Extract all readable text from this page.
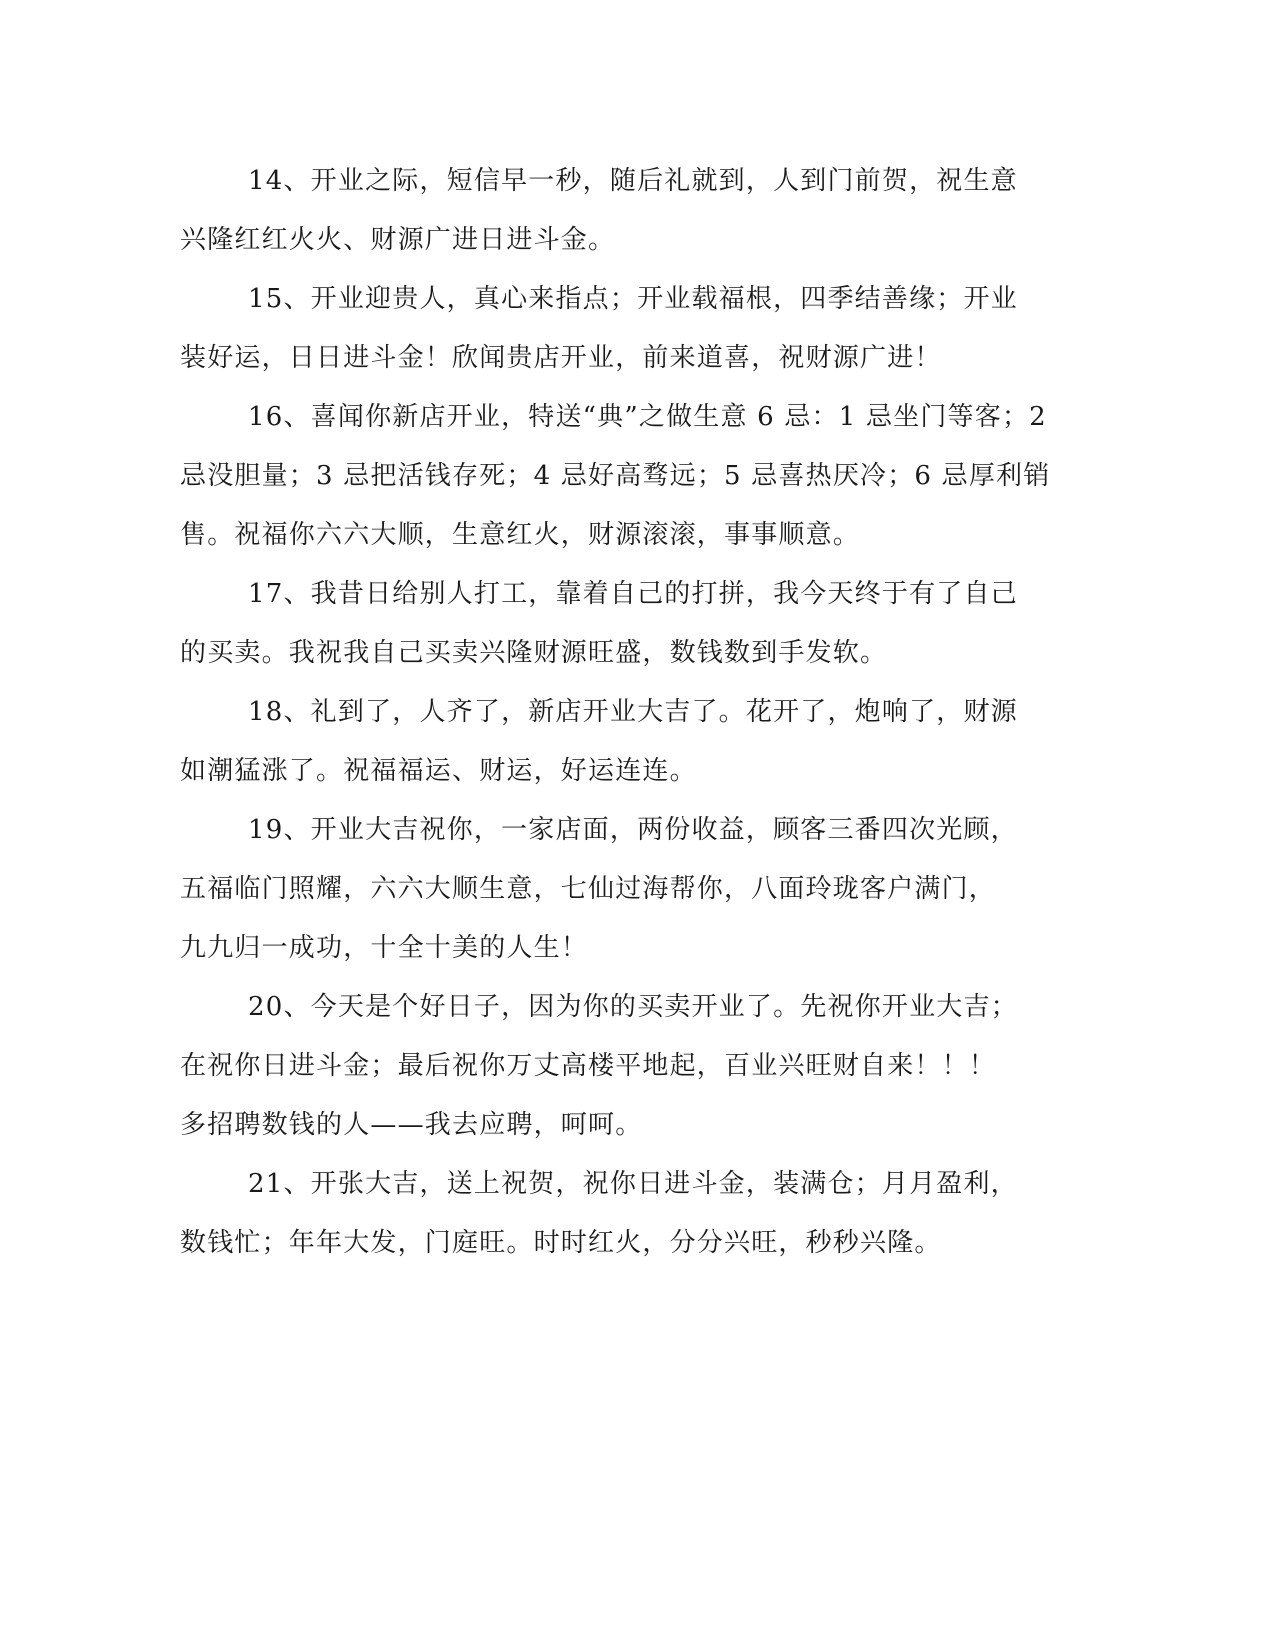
14、开业之际，短信早一秒，随后礼就到，人到门前贺，祝生意
兴隆红红火火、财源广进日进斗金。
15、开业迎贵人，真心来指点；开业载福根，四季结善缘；开业
装好运，日日进斗金！欣闻贵店开业，前来道喜，祝财源广进！
16、喜闻你新店开业，特送“典”之做生意 6 忌：1 忌坐门等客；2
忌没胆量；3 忌把活钱存死；4 忌好高骛远；5 忌喜热厌冷；6 忌厚利销
售。祝福你六六大顺，生意红火，财源滚滚，事事顺意。
17、我昔日给别人打工，靠着自己的打拼，我今天终于有了自己
的买卖。我祝我自己买卖兴隆财源旺盛，数钱数到手发软。
18、礼到了，人齐了，新店开业大吉了。花开了，炮响了，财源
如潮猛涨了。祝福福运、财运，好运连连。
19、开业大吉祝你，一家店面，两份收益，顾客三番四次光顾，
五福临门照耀，六六大顺生意，七仙过海帮你，八面玲珑客户满门，
九九归一成功，十全十美的人生！
20、今天是个好日子，因为你的买卖开业了。先祝你开业大吉；
在祝你日进斗金；最后祝你万丈高楼平地起，百业兴旺财自来！！！
多招聘数钱的人——我去应聘，呵呵。
21、开张大吉，送上祝贺，祝你日进斗金，装满仓；月月盈利，
数钱忙；年年大发，门庭旺。时时红火，分分兴旺，秒秒兴隆。
